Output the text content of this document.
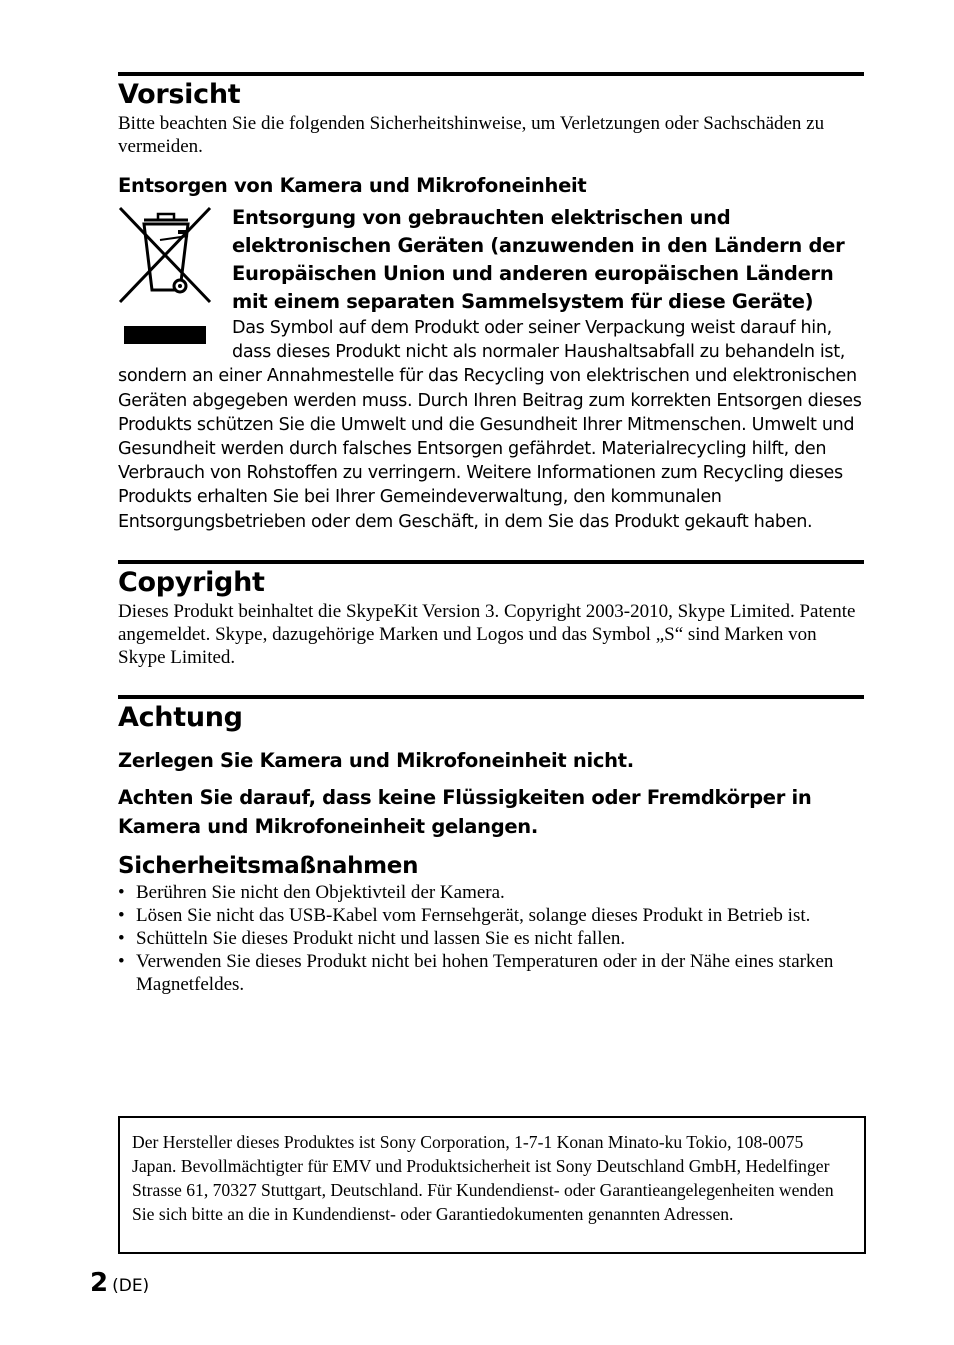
Vorsicht

Bitte beachten Sie die folgenden Sicherheitshinweise, um Verletzungen oder Sachschäden zu vermeiden.

Entsorgen von Kamera und Mikrofoneinheit
Entsorgung von gebrauchten elektrischen und elektronischen Geräten (anzuwenden in den Ländern der Europäischen Union und anderen europäischen Ländern mit einem separaten Sammelsystem für diese Geräte)

Das Symbol auf dem Produkt oder seiner Verpackung weist darauf hin, dass dieses Produkt nicht als normaler Haushaltsabfall zu behandeln ist, sondern an einer Annahmestelle für das Recycling von elektrischen und elektronischen Geräten abgegeben werden muss. Durch Ihren Beitrag zum korrekten Entsorgen dieses Produkts schützen Sie die Umwelt und die Gesundheit Ihrer Mitmenschen. Umwelt und Gesundheit werden durch falsches Entsorgen gefährdet. Materialrecycling hilft, den Verbrauch von Rohstoffen zu verringern. Weitere Informationen zum Recycling dieses Produkts erhalten Sie bei Ihrer Gemeindeverwaltung, den kommunalen Entsorgungsbetrieben oder dem Geschäft, in dem Sie das Produkt gekauft haben.

Copyright

Dieses Produkt beinhaltet die SkypeKit Version 3. Copyright 2003-2010, Skype Limited. Patente angemeldet. Skype, dazugehörige Marken und Logos und das Symbol „S“ sind Marken von Skype Limited.

Achtung
Zerlegen Sie Kamera und Mikrofoneinheit nicht.
Achten Sie darauf, dass keine Flüssigkeiten oder Fremdkörper in Kamera und Mikrofoneinheit gelangen.
Sicherheitsmaßnahmen
• Berühren Sie nicht den Objektivteil der Kamera.
• Lösen Sie nicht das USB-Kabel vom Fernsehgerät, solange dieses Produkt in Betrieb ist.
• Schütteln Sie dieses Produkt nicht und lassen Sie es nicht fallen.
• Verwenden Sie dieses Produkt nicht bei hohen Temperaturen oder in der Nähe eines starken Magnetfeldes.

Der Hersteller dieses Produktes ist Sony Corporation, 1-7-1 Konan Minato-ku Tokio, 108-0075 Japan. Bevollmächtigter für EMV und Produktsicherheit ist Sony Deutschland GmbH, Hedelfinger Strasse 61, 70327 Stuttgart, Deutschland. Für Kundendienst- oder Garantieangelegenheiten wenden Sie sich bitte an die in Kundendienst- oder Garantiedokumenten genannten Adressen.

2 (DE)
